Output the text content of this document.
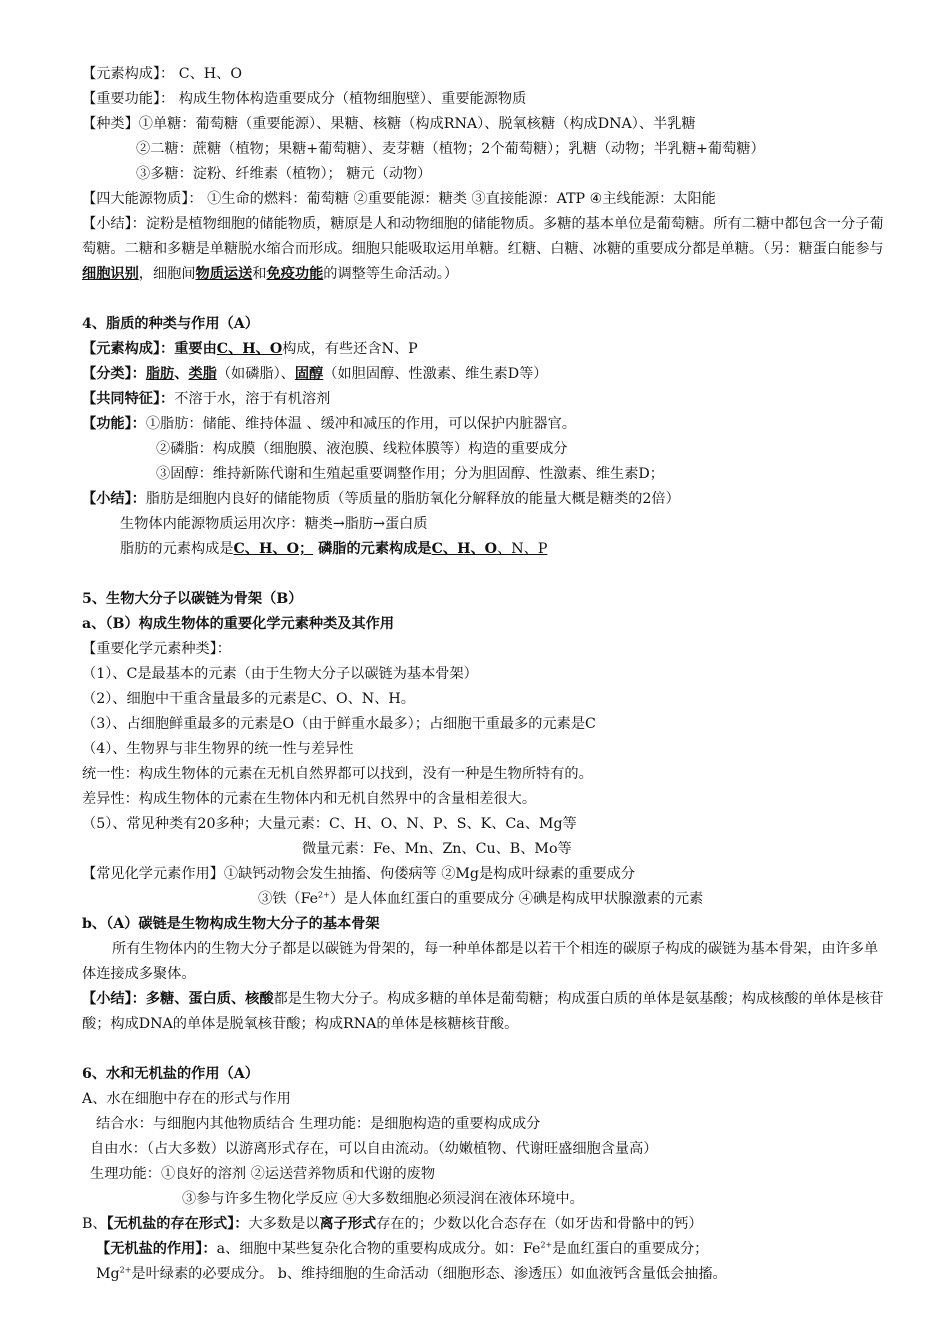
【元素构成】： C、H、O
【重要功能】： 构成生物体构造重要成分（植物细胞壁）、重要能源物质
【种类】①单糖：葡萄糖（重要能源）、果糖、核糖（构成RNA）、脱氧核糖（构成DNA）、半乳糖
②二糖：蔗糖（植物；果糖+葡萄糖）、麦芽糖（植物；2个葡萄糖）；乳糖（动物；半乳糖+葡萄糖）
③多糖：淀粉、纤维素（植物）； 糖元（动物）
【四大能源物质】： ①生命的燃料：葡萄糖 ②重要能源：糖类 ③直接能源：ATP ④主线能源：太阳能
【小结】：淀粉是植物细胞的储能物质，糖原是人和动物细胞的储能物质。多糖的基本单位是葡萄糖。所有二糖中都包含一分子葡萄糖。二糖和多糖是单糖脱水缩合而形成。细胞只能吸取运用单糖。红糖、白糖、冰糖的重要成分都是单糖。（另：糖蛋白能参与细胞识别，细胞间物质运送和免疫功能的调整等生命活动。）
4、脂质的种类与作用（A）
【元素构成】：重要由C、H、O构成，有些还含N、P
【分类】：脂肪、类脂（如磷脂）、固醇（如胆固醇、性激素、维生素D等）
【共同特征】：不溶于水，溶于有机溶剂
【功能】：①脂肪：储能、维持体温 、缓冲和减压的作用，可以保护内脏器官。
②磷脂：构成膜（细胞膜、液泡膜、线粒体膜等）构造的重要成分
③固醇：维持新陈代谢和生殖起重要调整作用；分为胆固醇、性激素、维生素D；
【小结】：脂肪是细胞内良好的储能物质（等质量的脂肪氧化分解释放的能量大概是糖类的2倍）
生物体内能源物质运用次序：糖类→脂肪→蛋白质
脂肪的元素构成是C、H、O； 磷脂的元素构成是C、H、O、N、P
5、生物大分子以碳链为骨架（B）
a、（B）构成生物体的重要化学元素种类及其作用
【重要化学元素种类】：
（1）、C是最基本的元素（由于生物大分子以碳链为基本骨架）
（2）、细胞中干重含量最多的元素是C、O、N、H。
（3）、占细胞鲜重最多的元素是O（由于鲜重水最多）；占细胞干重最多的元素是C
（4）、生物界与非生物界的统一性与差异性
统一性：构成生物体的元素在无机自然界都可以找到，没有一种是生物所特有的。
差异性：构成生物体的元素在生物体内和无机自然界中的含量相差很大。
（5）、常见种类有20多种；大量元素：C、H、O、N、P、S、K、Ca、Mg等
微量元素：Fe、Mn、Zn、Cu、B、Mo等
【常见化学元素作用】①缺钙动物会发生抽搐、佝偻病等 ②Mg是构成叶绿素的重要成分
③铁$(Fe^{2+})$是人体血红蛋白的重要成分 ④碘是构成甲状腺激素的元素
b、（A）碳链是生物构成生物大分子的基本骨架
所有生物体内的生物大分子都是以碳链为骨架的，每一种单体都是以若干个相连的碳原子构成的碳链为基本骨架，由许多单体连接成多聚体。
【小结】：多糖、蛋白质、核酸都是生物大分子。构成多糖的单体是葡萄糖；构成蛋白质的单体是氨基酸；构成核酸的单体是核苷酸；构成DNA的单体是脱氧核苷酸；构成RNA的单体是核糖核苷酸。
6、水和无机盐的作用（A）
A、水在细胞中存在的形式与作用
结合水：与细胞内其他物质结合 生理功能：是细胞构造的重要构成成分
自由水：（占大多数）以游离形式存在，可以自由流动。（幼嫩植物、代谢旺盛细胞含量高）
生理功能：①良好的溶剂 ②运送营养物质和代谢的废物
③参与许多生物化学反应 ④大多数细胞必须浸润在液体环境中。
B、【无机盐的存在形式】：大多数是以离子形式存在的；少数以化合态存在（如牙齿和骨骼中的钙）
【无机盐的作用】：a、细胞中某些复杂化合物的重要构成成分。如：$Fe^{2+}$是血红蛋白的重要成分；
$Mg^{2+}$是叶绿素的必要成分。 b、维持细胞的生命活动（细胞形态、渗透压）如血液钙含量低会抽搐。
